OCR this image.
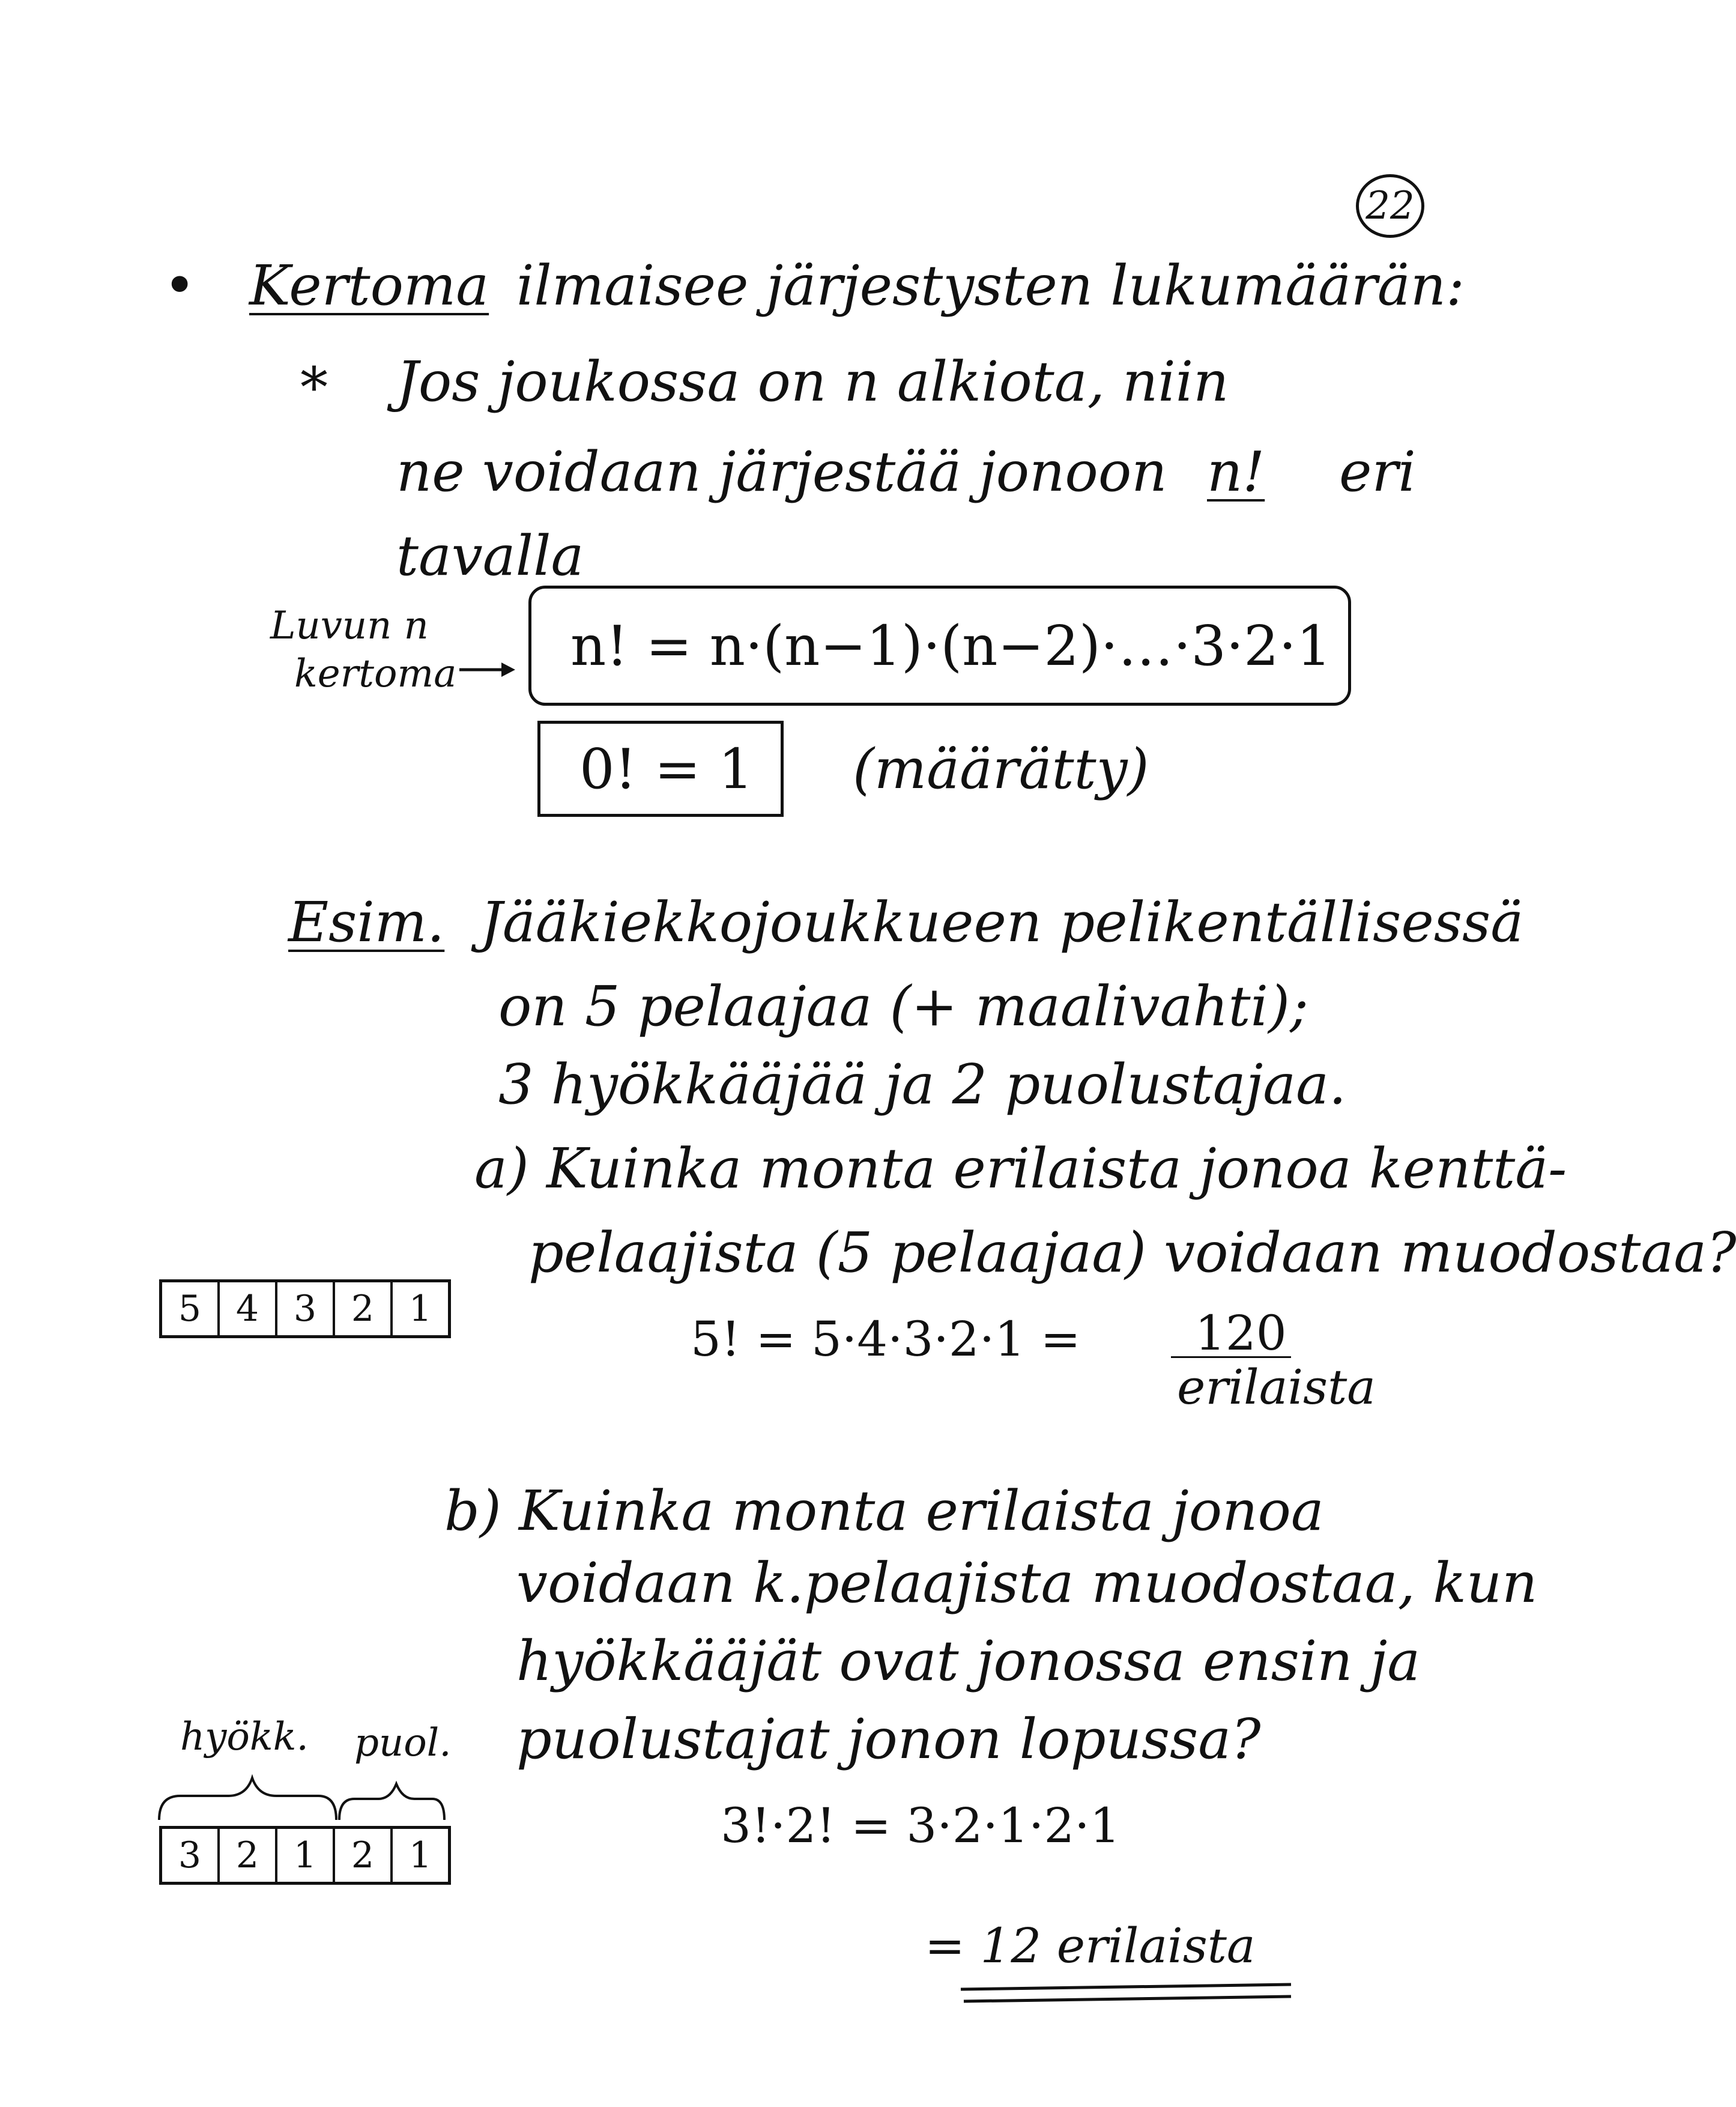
22
• Kertoma ilmaisee järjestysten lukumäärän:
* Jos joukossa on n alkiota, niin
ne voidaan järjestää jonoon n! eri
tavalla
Luvun n
kertoma n! = n·(n−1)·(n−2)·…·3·2·1
0! = 1 (määrätty)
Esim. Jääkiekkojoukkueen pelikentällisessä
on 5 pelaajaa (+ maalivahti);
3 hyökkääjää ja 2 puolustajaa.
a) Kuinka monta erilaista jonoa kenttä-
pelaajista (5 pelaajaa) voidaan muodostaa?
5 4 3 2 1
5! = 5·4·3·2·1 = 120
erilaista
b) Kuinka monta erilaista jonoa
voidaan k.pelaajista muodostaa, kun
hyökkääjät ovat jonossa ensin ja
puolustajat jonon lopussa?
hyökk. puol.
3 2 1 2 1
3!·2! = 3·2·1·2·1
= 12 erilaista
